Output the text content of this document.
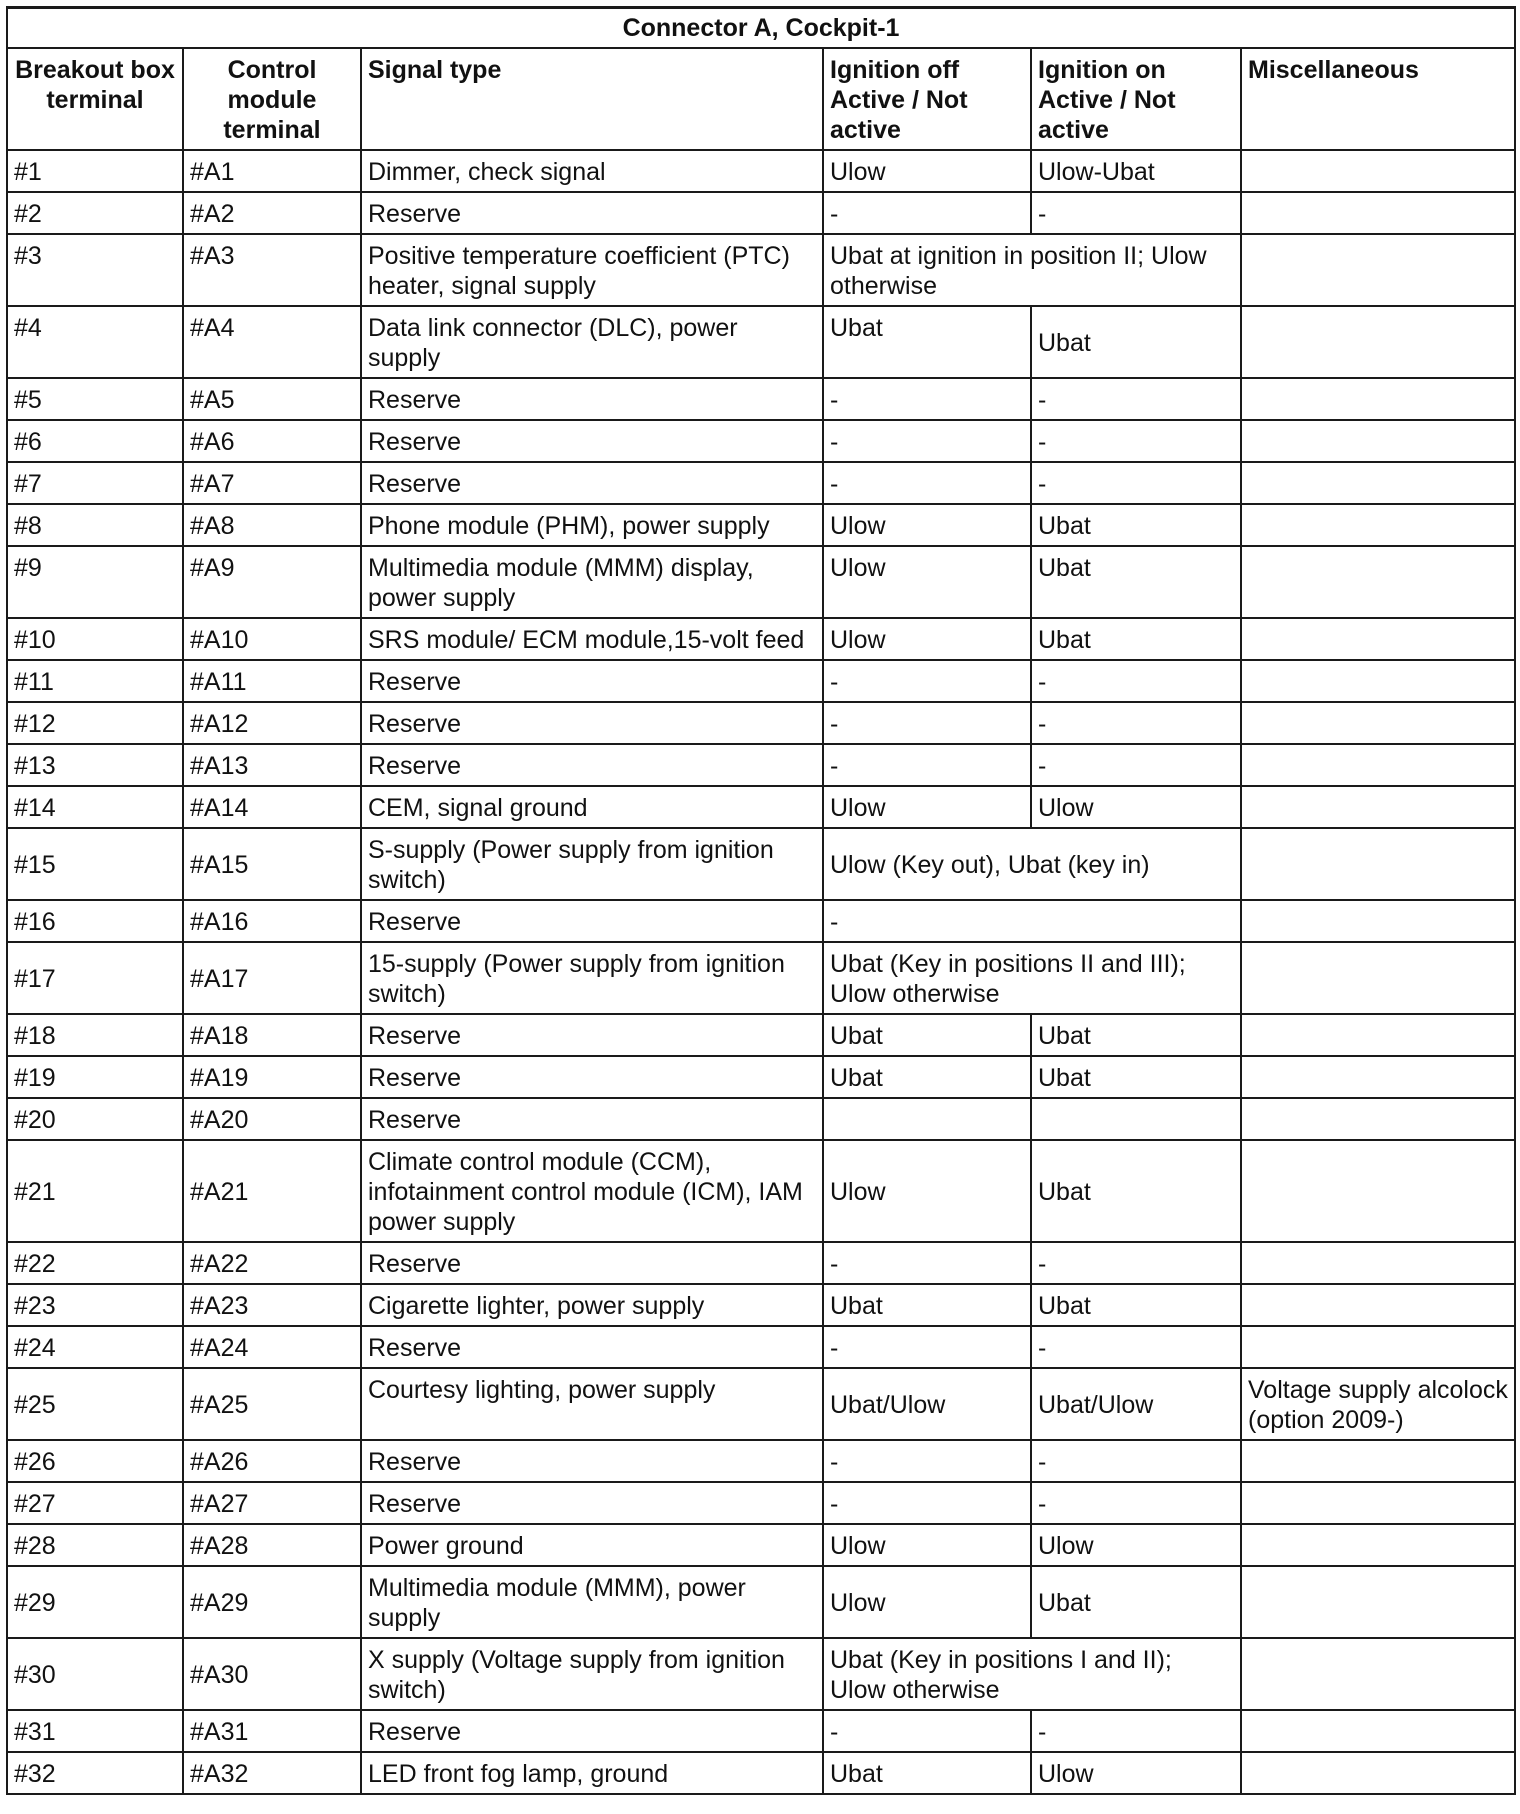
Connector A, Cockpit-1					
Breakout box terminal	Control module terminal	Signal type	Ignition off Active / Not active	Ignition on Active / Not active	Miscellaneous
#1	#A1	Dimmer, check signal	Ulow	Ulow-Ubat	
#2	#A2	Reserve	-	-	
#3	#A3	Positive temperature coefficient (PTC) heater, signal supply	Ubat at ignition in position II; Ulow otherwise		
#4	#A4	Data link connector (DLC), power supply	Ubat	Ubat	
#5	#A5	Reserve	-	-	
#6	#A6	Reserve	-	-	
#7	#A7	Reserve	-	-	
#8	#A8	Phone module (PHM), power supply	Ulow	Ubat	
#9	#A9	Multimedia module (MMM) display, power supply	Ulow	Ubat	
#10	#A10	SRS module/ ECM module,15-volt feed	Ulow	Ubat	
#11	#A11	Reserve	-	-	
#12	#A12	Reserve	-	-	
#13	#A13	Reserve	-	-	
#14	#A14	CEM, signal ground	Ulow	Ulow	
#15	#A15	S-supply (Power supply from ignition switch)	Ulow (Key out), Ubat (key in)		
#16	#A16	Reserve	-		
#17	#A17	15-supply (Power supply from ignition switch)	Ubat (Key in positions II and III); Ulow otherwise		
#18	#A18	Reserve	Ubat	Ubat	
#19	#A19	Reserve	Ubat	Ubat	
#20	#A20	Reserve			
#21	#A21	Climate control module (CCM), infotainment control module (ICM), IAM power supply	Ulow	Ubat	
#22	#A22	Reserve	-	-	
#23	#A23	Cigarette lighter, power supply	Ubat	Ubat	
#24	#A24	Reserve	-	-	
#25	#A25	Courtesy lighting, power supply	Ubat/Ulow	Ubat/Ulow	Voltage supply alcolock (option 2009-)
#26	#A26	Reserve	-	-	
#27	#A27	Reserve	-	-	
#28	#A28	Power ground	Ulow	Ulow	
#29	#A29	Multimedia module (MMM), power supply	Ulow	Ubat	
#30	#A30	X supply (Voltage supply from ignition switch)	Ubat (Key in positions I and II); Ulow otherwise		
#31	#A31	Reserve	-	-	
#32	#A32	LED front fog lamp, ground	Ubat	Ulow	
